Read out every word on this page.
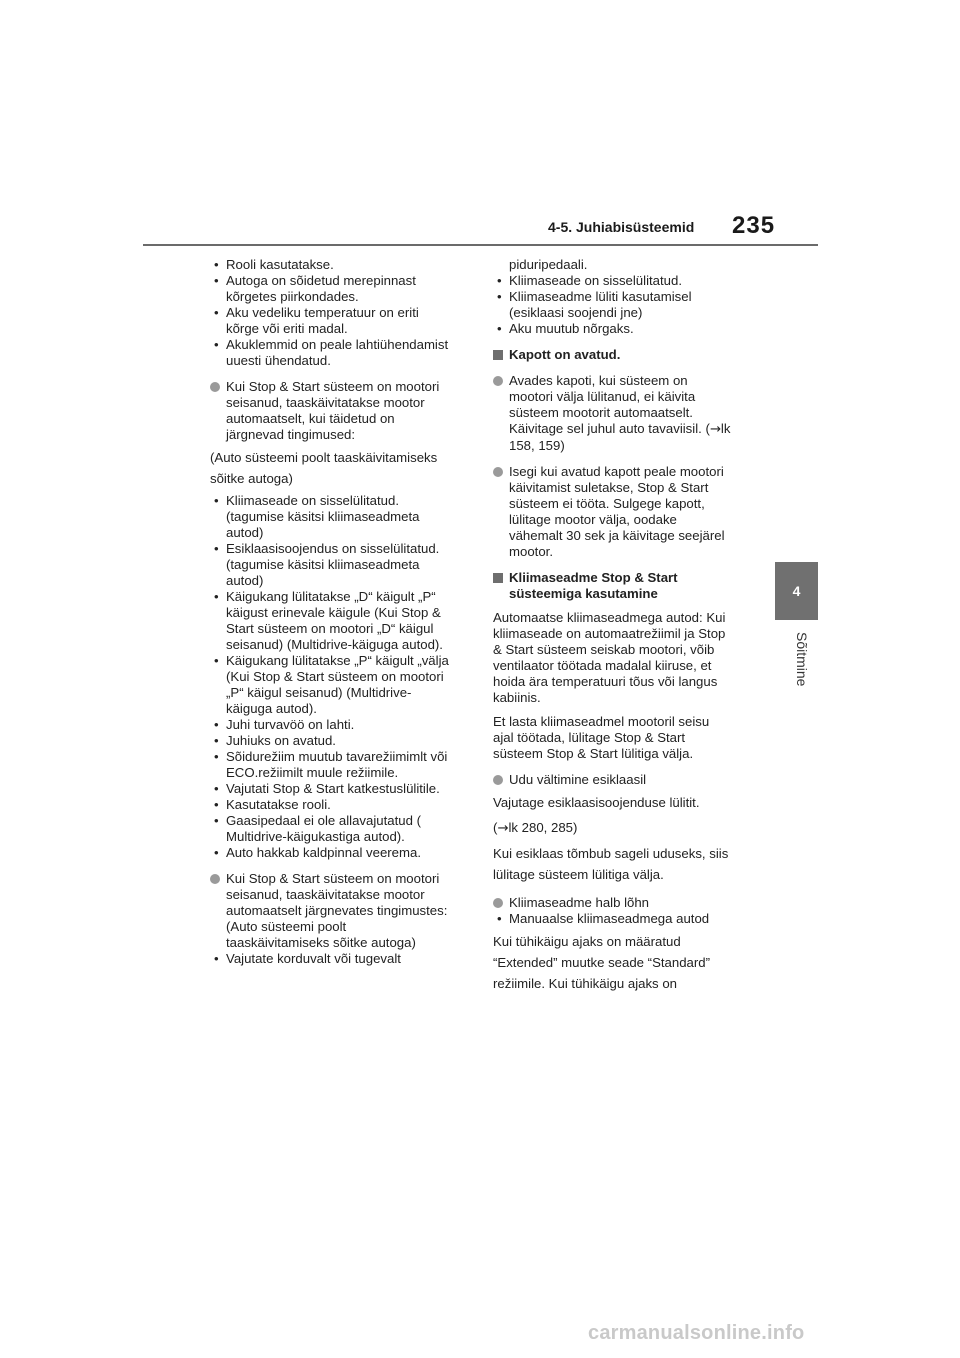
4-5. Juhiabisüsteemid 235
4
Sõitmine
• Rooli kasutatakse.
• Autoga on sõidetud merepinnast
kõrgetes piirkondades.
• Aku vedeliku temperatuur on eriti
kõrge või eriti madal.
• Akuklemmid on peale lahtiühendamist
uuesti ühendatud.
Kui Stop & Start süsteem on mootori
seisanud, taaskäivitatakse mootor
automaatselt, kui täidetud on
järgnevad tingimused:
(Auto süsteemi poolt taaskäivitamiseks
sõitke autoga)
• Kliimaseade on sisselülitatud.
(tagumise käsitsi kliimaseadmeta
autod)
• Esiklaasisoojendus on sisselülitatud.
(tagumise käsitsi kliimaseadmeta
autod)
• Käigukang lülitatakse „D“ käigult „P“
käigust erinevale käigule (Kui Stop &
Start süsteem on mootori „D“ käigul
seisanud) (Multidrive-käiguga autod).
• Käigukang lülitatakse „P“ käigult „välja
(Kui Stop & Start süsteem on mootori
„P“ käigul seisanud) (Multidrive-
käiguga autod).
• Juhi turvavöö on lahti.
• Juhiuks on avatud.
• Sõidurežiim muutub tavarežiimimlt või
ECO.režiimilt muule režiimile.
• Vajutati Stop & Start katkestuslülitile.
• Kasutatakse rooli.
• Gaasipedaal ei ole allavajutatud (
Multidrive-käigukastiga autod).
• Auto hakkab kaldpinnal veerema.
Kui Stop & Start süsteem on mootori
seisanud, taaskäivitatakse mootor
automaatselt järgnevates tingimustes:
(Auto süsteemi poolt
taaskäivitamiseks sõitke autoga)
• Vajutate korduvalt või tugevalt
piduripedaali.
• Kliimaseade on sisselülitatud.
• Kliimaseadme lüliti kasutamisel
(esiklaasi soojendi jne)
• Aku muutub nõrgaks.
Kapott on avatud.
Avades kapoti, kui süsteem on
mootori välja lülitanud, ei käivita
süsteem mootorit automaatselt.
Käivitage sel juhul auto tavaviisil. (→lk
158, 159)
Isegi kui avatud kapott peale mootori
käivitamist suletakse, Stop & Start
süsteem ei tööta. Sulgege kapott,
lülitage mootor välja, oodake
vähemalt 30 sek ja käivitage seejärel
mootor.
Kliimaseadme Stop & Start
süsteemiga kasutamine
Automaatse kliimaseadmega autod: Kui
kliimaseade on automaatrežiimil ja Stop
& Start süsteem seiskab mootori, võib
ventilaator töötada madalal kiiruse, et
hoida ära temperatuuri tõus või langus
kabiinis.
Et lasta kliimaseadmel mootoril seisu
ajal töötada, lülitage Stop & Start
süsteem Stop & Start lülitiga välja.
Udu vältimine esiklaasil
Vajutage esiklaasisoojenduse lülitit.
(→lk 280, 285)
Kui esiklaas tõmbub sageli uduseks, siis
lülitage süsteem lülitiga välja.
Kliimaseadme halb lõhn
• Manuaalse kliimaseadmega autod
Kui tühikäigu ajaks on määratud
“Extended” muutke seade “Standard”
režiimile. Kui tühikäigu ajaks on
carmanualsonline.info
